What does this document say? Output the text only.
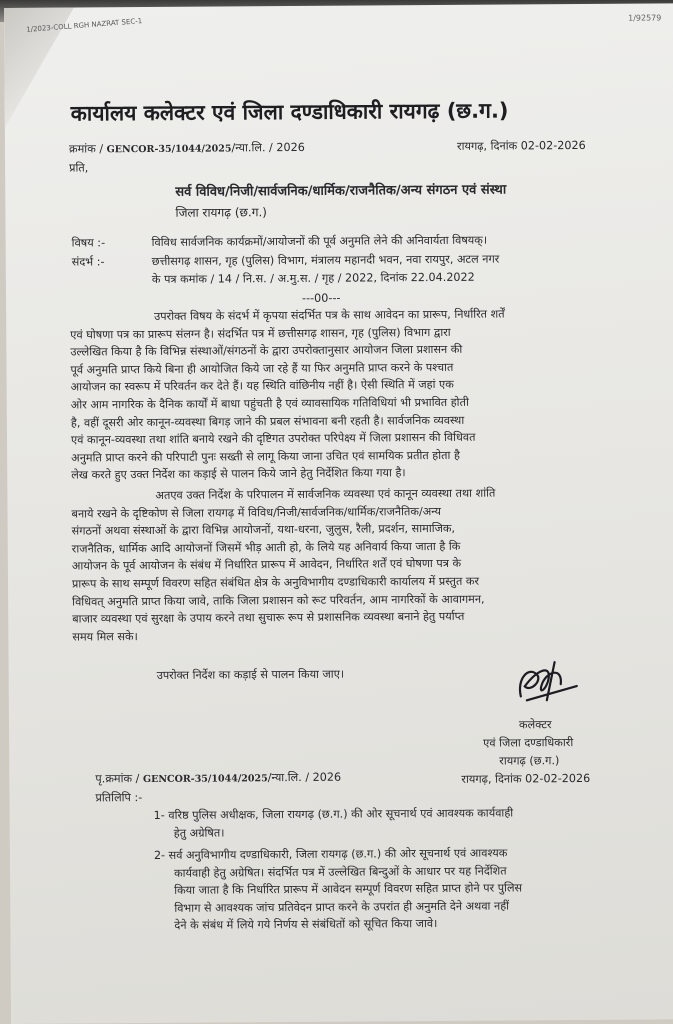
1/2023-COLL RGH NAZRAT SEC-1	1/92579
कार्यालय कलेक्टर एवं जिला दण्डाधिकारी रायगढ़ (छ.ग.)
क्रमांक / GENCOR-35/1044/2025/न्या.लि. / 2026	रायगढ़, दिनांक 02-02-2026
प्रति,
सर्व विविध/निजी/सार्वजनिक/धार्मिक/राजनैतिक/अन्य संगठन एवं संस्था
जिला रायगढ़ (छ.ग.)
विषय :-	विविध सार्वजनिक कार्यक्रमों/आयोजनों की पूर्व अनुमति लेने की अनिवार्यता विषयक्।
संदर्भ :-	छत्तीसगढ़ शासन, गृह (पुलिस) विभाग, मंत्रालय महानदी भवन, नवा रायपुर, अटल नगर
के पत्र कमांक / 14 / नि.स. / अ.मु.स. / गृह / 2022, दिनांक 22.04.2022
---00---
उपरोक्त विषय के संदर्भ में कृपया संदर्भित पत्र के साथ आवेदन का प्रारूप, निर्धारित शर्तें
एवं घोषणा पत्र का प्रारूप संलग्न है। संदर्भित पत्र में छत्तीसगढ़ शासन, गृह (पुलिस) विभाग द्वारा
उल्लेखित किया है कि विभिन्न संस्थाओं/संगठनों के द्वारा उपरोक्तानुसार आयोजन जिला प्रशासन की
पूर्व अनुमति प्राप्त किये बिना ही आयोजित किये जा रहे हैं या फिर अनुमति प्राप्त करने के पश्चात
आयोजन का स्वरूप में परिवर्तन कर देते हैं। यह स्थिति वांछिनीय नहीं है। ऐसी स्थिति में जहां एक
ओर आम नागरिक के दैनिक कार्यों में बाधा पहुंचती है एवं व्यावसायिक गतिविधियां भी प्रभावित होती
है, वहीं दूसरी ओर कानून-व्यवस्था बिगड़ जाने की प्रबल संभावना बनी रहती है। सार्वजनिक व्यवस्था
एवं कानून-व्यवस्था तथा शांति बनाये रखने की दृष्टिगत उपरोक्त परिपेक्ष्य में जिला प्रशासन की विधिवत
अनुमति प्राप्त करने की परिपाटी पुनः सख्ती से लागू किया जाना उचित एवं सामयिक प्रतीत होता है
लेख करते हुए उक्त निर्देश का कड़ाई से पालन किये जाने हेतु निर्देशित किया गया है।
अतएव उक्त निर्देश के परिपालन में सार्वजनिक व्यवस्था एवं कानून व्यवस्था तथा शांति
बनाये रखने के दृष्टिकोण से जिला रायगढ़ में विविध/निजी/सार्वजनिक/धार्मिक/राजनैतिक/अन्य
संगठनों अथवा संस्थाओं के द्वारा विभिन्न आयोजनों, यथा-धरना, जुलुस, रैली, प्रदर्शन, सामाजिक,
राजनैतिक, धार्मिक आदि आयोजनों जिसमें भीड़ आती हो, के लिये यह अनिवार्य किया जाता है कि
आयोजन के पूर्व आयोजन के संबंध में निर्धारित प्रारूप में आवेदन, निर्धारित शर्तें एवं घोषणा पत्र के
प्रारूप के साथ सम्पूर्ण विवरण सहित संबंधित क्षेत्र के अनुविभागीय दण्डाधिकारी कार्यालय में प्रस्तुत कर
विधिवत् अनुमति प्राप्त किया जावे, ताकि जिला प्रशासन को रूट परिवर्तन, आम नागरिकों के आवागमन,
बाजार व्यवस्था एवं सुरक्षा के उपाय करने तथा सुचारू रूप से प्रशासनिक व्यवस्था बनाने हेतु पर्याप्त
समय मिल सके।
उपरोक्त निर्देश का कड़ाई से पालन किया जाए।
कलेक्टर
एवं जिला दण्डाधिकारी
रायगढ़ (छ.ग.)
रायगढ़, दिनांक 02-02-2026
पृ.क्रमांक / GENCOR-35/1044/2025/न्या.लि. / 2026
प्रतिलिपि :-
1- वरिष्ठ पुलिस अधीक्षक, जिला रायगढ़ (छ.ग.) की ओर सूचनार्थ एवं आवश्यक कार्यवाही
हेतु अग्रेषित।
2- सर्व अनुविभागीय दण्डाधिकारी, जिला रायगढ़ (छ.ग.) की ओर सूचनार्थ एवं आवश्यक
कार्यवाही हेतु अग्रेषित। संदर्भित पत्र में उल्लेखित बिन्दुओं के आधार पर यह निर्देशित
किया जाता है कि निर्धारित प्रारूप में आवेदन सम्पूर्ण विवरण सहित प्राप्त होने पर पुलिस
विभाग से आवश्यक जांच प्रतिवेदन प्राप्त करने के उपरांत ही अनुमति देने अथवा नहीं
देने के संबंध में लिये गये निर्णय से संबंधितों को सूचित किया जावे।
